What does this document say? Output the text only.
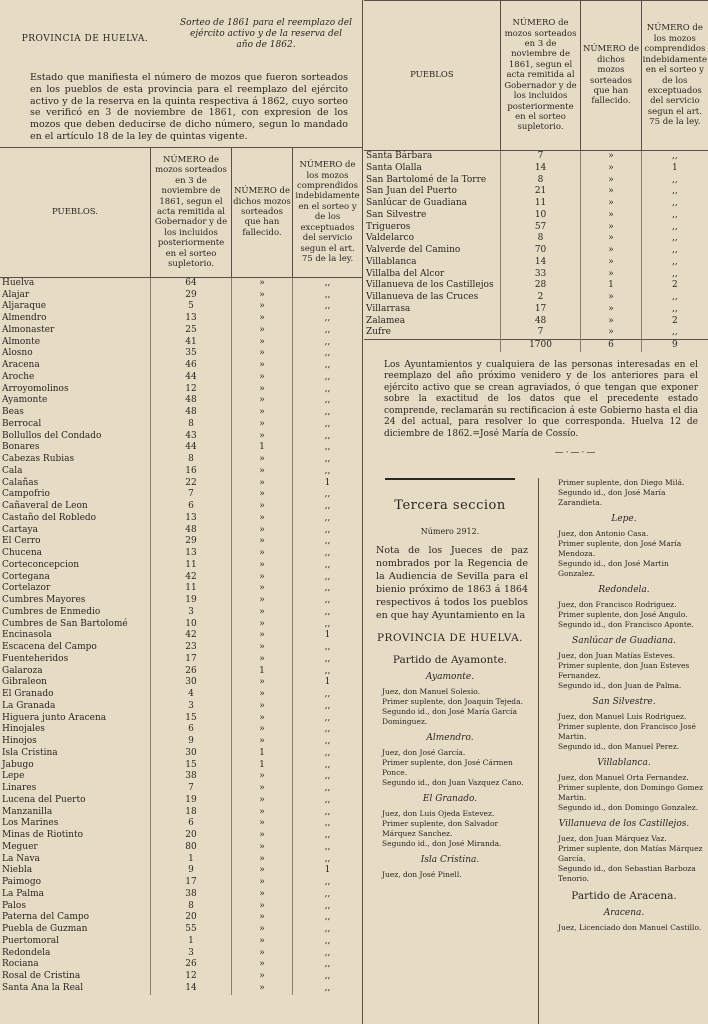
PROVINCIA DE HUELVA.
Sorteo de 1861 para el reemplazo del
ejército activo y de la reserva del
año de 1862.
Estado que manifiesta el número de mozos que fueron sorteados en los pueblos de esta provincia para el reemplazo del ejército activo y de la reserva en la quinta respectiva á 1862, cuyo sorteo se verificó en 3 de noviembre de 1861, con expresion de los mozos que deben deducirse de dicho número, segun lo mandado en el artículo 18 de la ley de quintas vigente.
PUEBLOS.	NÚMERO de mozos sorteados en 3 de noviembre de 1861, segun el acta remitida al Gobernador y de los incluidos posteriormente en el sorteo supletorio.	NÚMERO de dichos mozos sorteados que han fallecido.	NÚMERO de los mozos comprendidos indebidamente en el sorteo y de los exceptuados del servicio segun el art. 75 de la ley.
Huelva	64	»	,,
Alajar	29	»	,,
Aljaraque	5	»	,,
Almendro	13	»	,,
Almonaster	25	»	,,
Almonte	41	»	,,
Alosno	35	»	,,
Aracena	46	»	,,
Aroche	44	»	,,
Arroyomolinos	12	»	,,
Ayamonte	48	»	,,
Beas	48	»	,,
Berrocal	8	»	,,
Bollullos del Condado	43	»	,,
Bonares	44	1	,,
Cabezas Rubias	8	»	,,
Cala	16	»	,,
Calañas	22	»	1
Campofrio	7	»	,,
Cañaveral de Leon	6	»	,,
Castaño del Robledo	13	»	,,
Cartaya	48	»	,,
El Cerro	29	»	,,
Chucena	13	»	,,
Corteconcepcion	11	»	,,
Cortegana	42	»	,,
Cortelazor	11	»	,,
Cumbres Mayores	19	»	,,
Cumbres de Enmedio	3	»	,,
Cumbres de San Bartolomé	10	»	,,
Encinasola	42	»	1
Escacena del Campo	23	»	,,
Fuenteheridos	17	»	,,
Galaroza	26	1	,,
Gibraleon	30	»	1
El Granado	4	»	,,
La Granada	3	»	,,
Higuera junto Aracena	15	»	,,
Hinojales	6	»	,,
Hinojos	9	»	,,
Isla Cristina	30	1	,,
Jabugo	15	1	,,
Lepe	38	»	,,
Linares	7	»	,,
Lucena del Puerto	19	»	,,
Manzanilla	18	»	,,
Los Marines	6	»	,,
Minas de Riotinto	20	»	,,
Meguer	80	»	,,
La Nava	1	»	,,
Niebla	9	»	1
Paimogo	17	»	,,
La Palma	38	»	,,
Palos	8	»	,,
Paterna del Campo	20	»	,,
Puebla de Guzman	55	»	,,
Puertomoral	1	»	,,
Redondela	3	»	,,
Rociana	26	»	,,
Rosal de Cristina	12	»	,,
Santa Ana la Real	14	»	,,
PUEBLOS	NÚMERO de mozos sorteados en 3 de noviembre de 1861, segun el acta remitida al Gobernador y de los incluidos posteriormente en el sorteo supletorio.	NÚMERO de dichos mozos sorteados que han fallecido.	NÚMERO de los mozos comprendidos indebidamente en el sorteo y de los exceptuados del servicio segun el art. 75 de la ley.
Santa Bárbara	7	»	,,
Santa Olalla	14	»	1
San Bartolomé de la Torre	8	»	,,
San Juan del Puerto	21	»	,,
Sanlúcar de Guadiana	11	»	,,
San Silvestre	10	»	,,
Trigueros	57	»	,,
Valdelarco	8	»	,,
Valverde del Camino	70	»	,,
Villablanca	14	»	,,
Villalba del Alcor	33	»	,,
Villanueva de los Castillejos	28	1	2
Villanueva de las Cruces	2	»	,,
Villarrasa	17	»	,,
Zalamea	48	»	2
Zufre	7	»	,,
	1700	6	9
Los Ayuntamientos y cualquiera de las personas interesadas en el reemplazo del año próximo venidero y de los anteriores para el ejército activo que se crean agraviados, ó que tengan que exponer sobre la exactitud de los datos que el precedente estado comprende, reclamarán su rectificacion á este Gobierno hasta el dia 24 del actual, para resolver lo que corresponda. Huelva 12 de diciembre de 1862.=José María de Cossío.
—·—·—
Tercera seccion
Número 2912.
Nota de los Jueces de paz nombrados por la Regencia de la Audiencia de Sevilla para el bienio próximo de 1863 á 1864 respectivos á todos los pueblos en que hay Ayuntamiento en la
PROVINCIA DE HUELVA.
Partido de Ayamonte.
Ayamonte.
Juez, don Manuel Solesio.
Primer suplente, don Joaquin Tejeda.
Segundo id., don José María García Dominguez.
Almendro.
Juez, don José García.
Primer suplente, don José Cármen Ponce.
Segundo id., don Juan Vazquez Cano.
El Granado.
Juez, don Luis Ojeda Estevez.
Primer suplente, don Salvador Márquez Sanchez.
Segundo id., don José Miranda.
Isla Cristina.
Juez, don José Pinell.
Primer suplente, don Diego Milá.
Segundo id., don José María Zarandieta.
Lepe.
Juez, don Antonio Casa.
Primer suplente, don José María Mendoza.
Segundo id., don José Martin Gonzalez.
Redondela.
Juez, don Francisco Rodriguez.
Primer suplente, don José Angulo.
Segundo id., don Francisco Aponte.
Sanlúcar de Guadiana.
Juez, don Juan Matías Esteves.
Primer suplente, don Juan Esteves Fernandez.
Segundo id., don Juan de Palma.
San Silvestre.
Juez, don Manuel Luis Rodriguez.
Primer suplente, don Francisco José Martin.
Segundo id., don Manuel Perez.
Villablanca.
Juez, don Manuel Orta Fernandez.
Primer suplente, don Domingo Gomez Martin.
Segundo id., don Domingo Gonzalez.
Villanueva de los Castillejos.
Juez, don Juan Márquez Vaz.
Primer suplente, don Matías Márquez García.
Segundo id., don Sebastian Barboza Tenorio.
Partido de Aracena.
Aracena.
Juez, Licenciado don Manuel Castillo.
